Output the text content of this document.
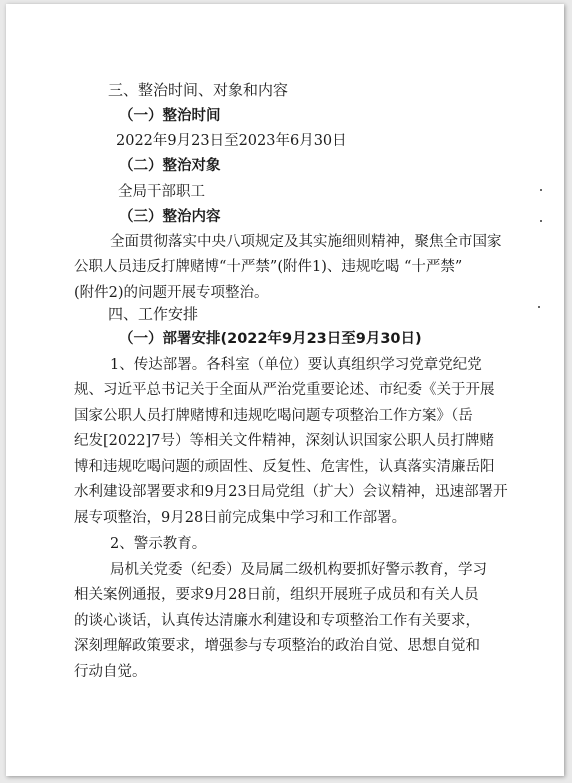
三、整治时间、对象和内容
（一）整治时间
2022年9月23日至2023年6月30日
（二）整治对象
全局干部职工
（三）整治内容
全面贯彻落实中央八项规定及其实施细则精神，聚焦全市国家
公职人员违反打牌赌博“十严禁”(附件1)、违规吃喝 “十严禁”
(附件2)的问题开展专项整治。
四、工作安排
（一）部署安排(2022年9月23日至9月30日)
1、传达部署。各科室（单位）要认真组织学习党章党纪党
规、习近平总书记关于全面从严治党重要论述、市纪委《关于开展
国家公职人员打牌赌博和违规吃喝问题专项整治工作方案》（岳
纪发[2022]7号）等相关文件精神，深刻认识国家公职人员打牌赌
博和违规吃喝问题的顽固性、反复性、危害性，认真落实清廉岳阳
水利建设部署要求和9月23日局党组（扩大）会议精神，迅速部署开
展专项整治，9月28日前完成集中学习和工作部署。
2、警示教育。
局机关党委（纪委）及局属二级机构要抓好警示教育，学习
相关案例通报，要求9月28日前，组织开展班子成员和有关人员
的谈心谈话，认真传达清廉水利建设和专项整治工作有关要求，
深刻理解政策要求，增强参与专项整治的政治自觉、思想自觉和
行动自觉。
